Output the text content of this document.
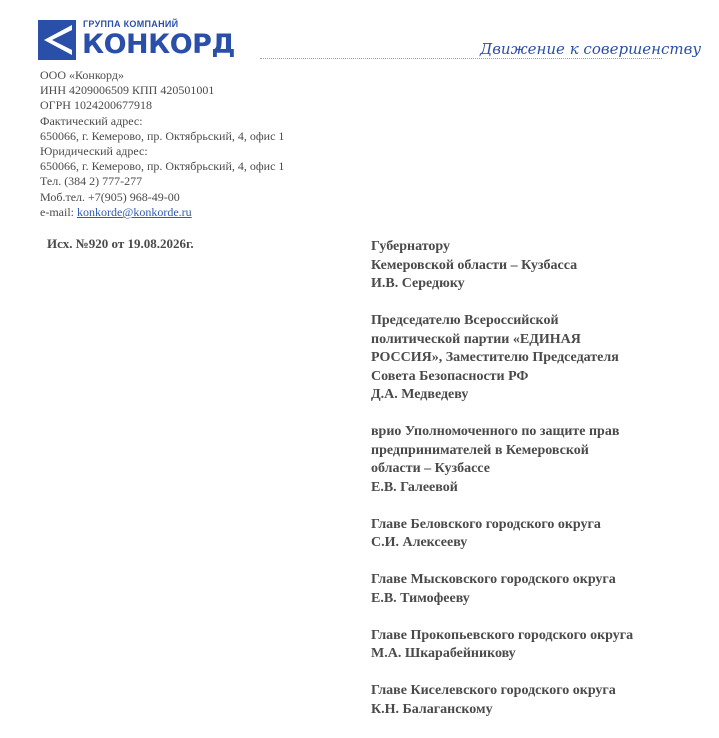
ГРУППА КОМПАНИЙ
КОНКОРД	Движение к совершенству
ООО «Конкорд»
ИНН 4209006509 КПП 420501001
ОГРН 1024200677918
Фактический адрес:
650066, г. Кемерово, пр. Октябрьский, 4, офис 1
Юридический адрес:
650066, г. Кемерово, пр. Октябрьский, 4, офис 1
Тел. (384 2) 777-277
Моб.тел. +7(905) 968-49-00
e-mail: konkorde@konkorde.ru
Исх. №920 от 19.08.2026г.	Губернатору
Кемеровской области – Кузбасса
И.В. Середюку
Председателю Всероссийской
политической партии «ЕДИНАЯ
РОССИЯ», Заместителю Председателя
Совета Безопасности РФ
Д.А. Медведеву
врио Уполномоченного по защите прав
предпринимателей в Кемеровской
области – Кузбассе
Е.В. Галеевой
Главе Беловского городского округа
С.И. Алексееву
Главе Мысковского городского округа
Е.В. Тимофееву
Главе Прокопьевского городского округа
М.А. Шкарабейникову
Главе Киселевского городского округа
К.Н. Балаганскому
